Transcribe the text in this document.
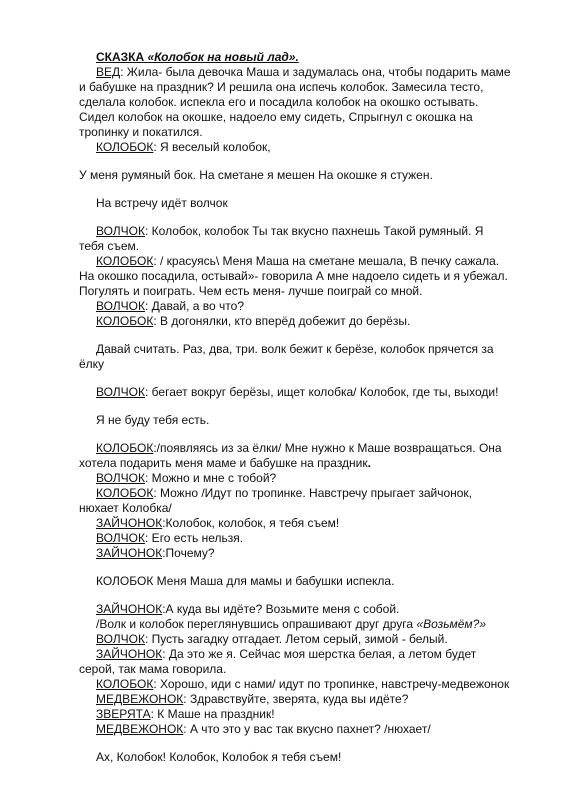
СКАЗКА «Колобок на новый лад».
ВЕД: Жила- была девочка Маша и задумалась она, чтобы подарить маме
и бабушке на праздник? И решила она испечь колобок. Замесила тесто,
сделала колобок. испекла его и посадила колобок на окошко остывать.
Сидел колобок на окошке, надоело ему сидеть, Спрыгнул с окошка на
тропинку и покатился.
КОЛОБОК: Я веселый колобок,
У меня румяный бок. На сметане я мешен На окошке я стужен.
На встречу идёт волчок
ВОЛЧОК: Колобок, колобок Ты так вкусно пахнешь Такой румяный. Я
тебя съем.
КОЛОБОК: / красуясь\ Меня Маша на сметане мешала, В печку сажала.
На окошко посадила, остывай»- говорила А мне надоело сидеть и я убежал.
Погулять и поиграть. Чем есть меня- лучше поиграй со мной.
ВОЛЧОК: Давай, а во что?
КОЛОБОК: В догонялки, кто вперёд добежит до берёзы.
Давай считать. Раз, два, три. волк бежит к берёзе, колобок прячется за
ёлку
ВОЛЧОК: бегает вокруг берёзы, ищет колобка/ Колобок, где ты, выходи!
Я не буду тебя есть.
КОЛОБОК:/появляясь из за ёлки/ Мне нужно к Маше возвращаться. Она
хотела подарить меня маме и бабушке на праздник.
ВОЛЧОК: Можно и мне с тобой?
КОЛОБОК: Можно /Идут по тропинке. Навстречу прыгает зайчонок,
нюхает Колобка/
ЗАЙЧОНОК:Колобок, колобок, я тебя съем!
ВОЛЧОК: Его есть нельзя.
ЗАЙЧОНОК:Почему?
КОЛОБОК Меня Маша для мамы и бабушки испекла.
ЗАЙЧОНОК:А куда вы идёте? Возьмите меня с собой.
/Волк и колобок переглянувшись опрашивают друг друга «Возьмём?»
ВОЛЧОК: Пусть загадку отгадает. Летом серый, зимой - белый.
ЗАЙЧОНОК: Да это же я. Сейчас моя шерстка белая, а летом будет
серой, так мама говорила.
КОЛОБОК: Хорошо, иди с нами/ идут по тропинке, навстречу-медвежонок
МЕДВЕЖОНОК: Здравствуйте, зверята, куда вы идёте?
ЗВЕРЯТА: К Маше на праздник!
МЕДВЕЖОНОК: А что это у вас так вкусно пахнет? /нюхает/
Ах, Колобок! Колобок, Колобок я тебя съем!
